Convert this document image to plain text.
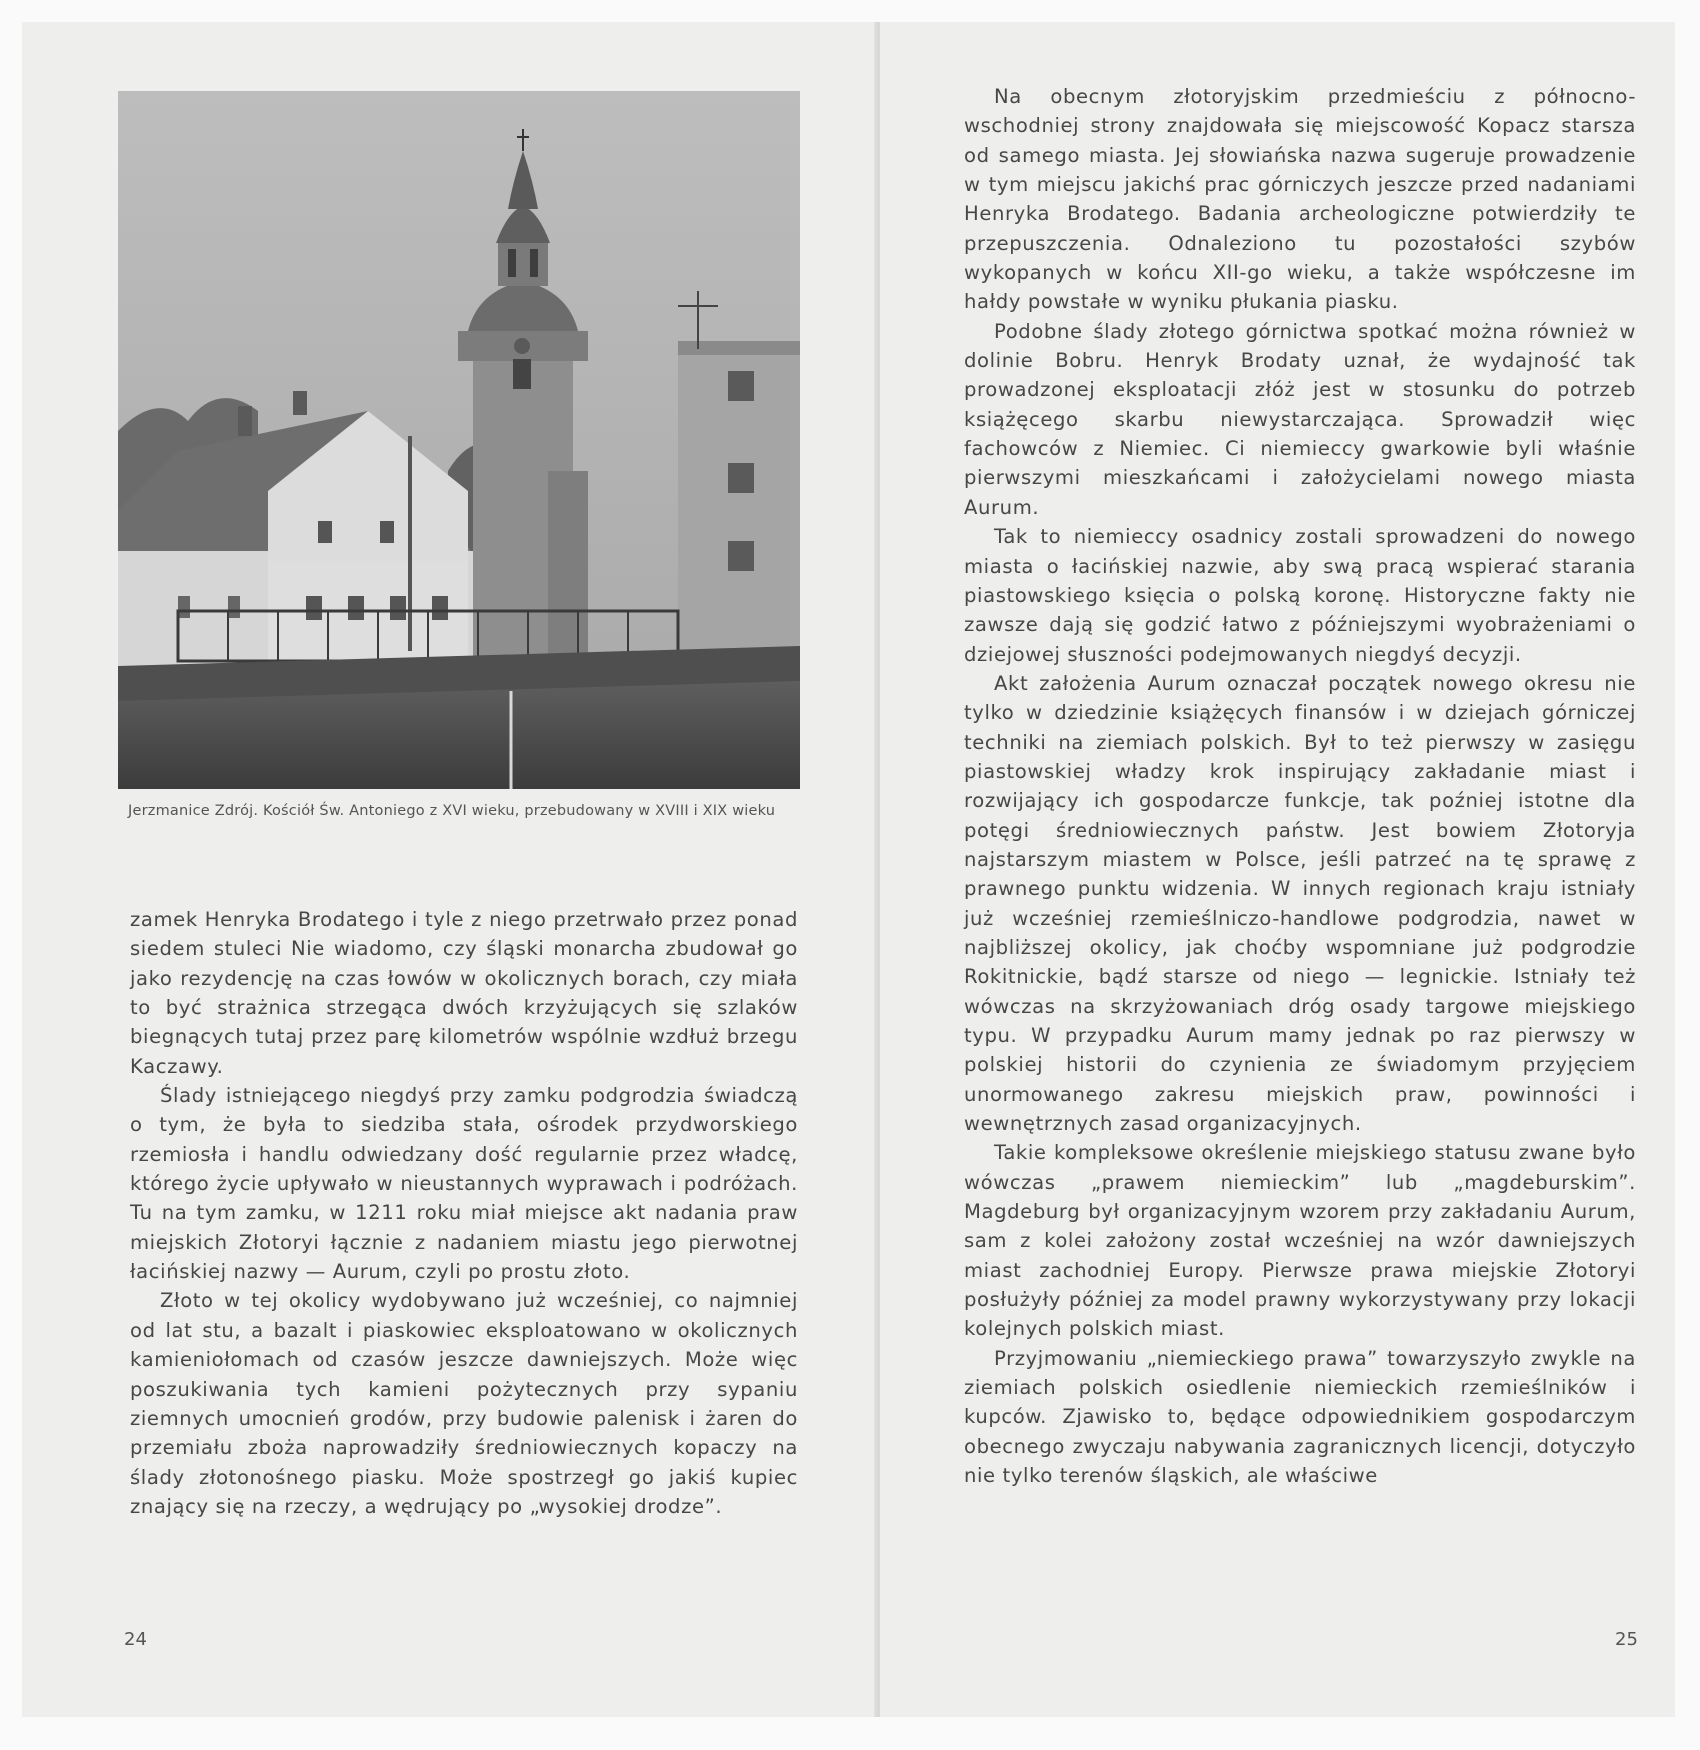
Jerzmanice Zdrój. Kościół Św. Antoniego z XVI wieku, przebudowany w XVIII i XIX wieku

zamek Henryka Brodatego i tyle z niego przetrwało przez ponad siedem stuleci Nie wiadomo, czy śląski monarcha zbudował go jako rezydencję na czas łowów w okolicznych borach, czy miała to być strażnica strzegąca dwóch krzyżujących się szlaków biegnących tutaj przez parę kilometrów wspólnie wzdłuż brzegu Kaczawy.

Ślady istniejącego niegdyś przy zamku podgrodzia świadczą o tym, że była to siedziba stała, ośrodek przydworskiego rzemiosła i handlu odwiedzany dość regularnie przez władcę, którego życie upływało w nieustannych wyprawach i podróżach. Tu na tym zamku, w 1211 roku miał miejsce akt nadania praw miejskich Złotoryi łącznie z nadaniem miastu jego pierwotnej łacińskiej nazwy — Aurum, czyli po prostu złoto.

Złoto w tej okolicy wydobywano już wcześniej, co najmniej od lat stu, a bazalt i piaskowiec eksploatowano w okolicznych kamieniołomach od czasów jeszcze dawniejszych. Może więc poszukiwania tych kamieni pożytecznych przy sypaniu ziemnych umocnień grodów, przy budowie palenisk i żaren do przemiału zboża naprowadziły średniowiecznych kopaczy na ślady złotonośnego piasku. Może spostrzegł go jakiś kupiec znający się na rzeczy, a wędrujący po „wysokiej drodze”.

24

Na obecnym złotoryjskim przedmieściu z północno-wschodniej strony znajdowała się miejscowość Kopacz starsza od samego miasta. Jej słowiańska nazwa sugeruje prowadzenie w tym miejscu jakichś prac górniczych jeszcze przed nadaniami Henryka Brodatego. Badania archeologiczne potwierdziły te przepuszczenia. Odnaleziono tu pozostałości szybów wykopanych w końcu XII-go wieku, a także współczesne im hałdy powstałe w wyniku płukania piasku.

Podobne ślady złotego górnictwa spotkać można również w dolinie Bobru. Henryk Brodaty uznał, że wydajność tak prowadzonej eksploatacji złóż jest w stosunku do potrzeb książęcego skarbu niewystarczająca. Sprowadził więc fachowców z Niemiec. Ci niemieccy gwarkowie byli właśnie pierwszymi mieszkańcami i założycielami nowego miasta Aurum.

Tak to niemieccy osadnicy zostali sprowadzeni do nowego miasta o łacińskiej nazwie, aby swą pracą wspierać starania piastowskiego księcia o polską koronę. Historyczne fakty nie zawsze dają się godzić łatwo z późniejszymi wyobrażeniami o dziejowej słuszności podejmowanych niegdyś decyzji.

Akt założenia Aurum oznaczał początek nowego okresu nie tylko w dziedzinie książęcych finansów i w dziejach górniczej techniki na ziemiach polskich. Był to też pierwszy w zasięgu piastowskiej władzy krok inspirujący zakładanie miast i rozwijający ich gospodarcze funkcje, tak poźniej istotne dla potęgi średniowiecznych państw. Jest bowiem Złotoryja najstarszym miastem w Polsce, jeśli patrzeć na tę sprawę z prawnego punktu widzenia. W innych regionach kraju istniały już wcześniej rzemieślniczo-handlowe podgrodzia, nawet w najbliższej okolicy, jak choćby wspomniane już podgrodzie Rokitnickie, bądź starsze od niego — legnickie. Istniały też wówczas na skrzyżowaniach dróg osady targowe miejskiego typu. W przypadku Aurum mamy jednak po raz pierwszy w polskiej historii do czynienia ze świadomym przyjęciem unormowanego zakresu miejskich praw, powinności i wewnętrznych zasad organizacyjnych.

Takie kompleksowe określenie miejskiego statusu zwane było wówczas „prawem niemieckim” lub „magdeburskim”. Magdeburg był organizacyjnym wzorem przy zakładaniu Aurum, sam z kolei założony został wcześniej na wzór dawniejszych miast zachodniej Europy. Pierwsze prawa miejskie Złotoryi posłużyły później za model prawny wykorzystywany przy lokacji kolejnych polskich miast.

Przyjmowaniu „niemieckiego prawa” towarzyszyło zwykle na ziemiach polskich osiedlenie niemieckich rzemieślników i kupców. Zjawisko to, będące odpowiednikiem gospodarczym obecnego zwyczaju nabywania zagranicznych licencji, dotyczyło nie tylko terenów śląskich, ale właściwe

25
